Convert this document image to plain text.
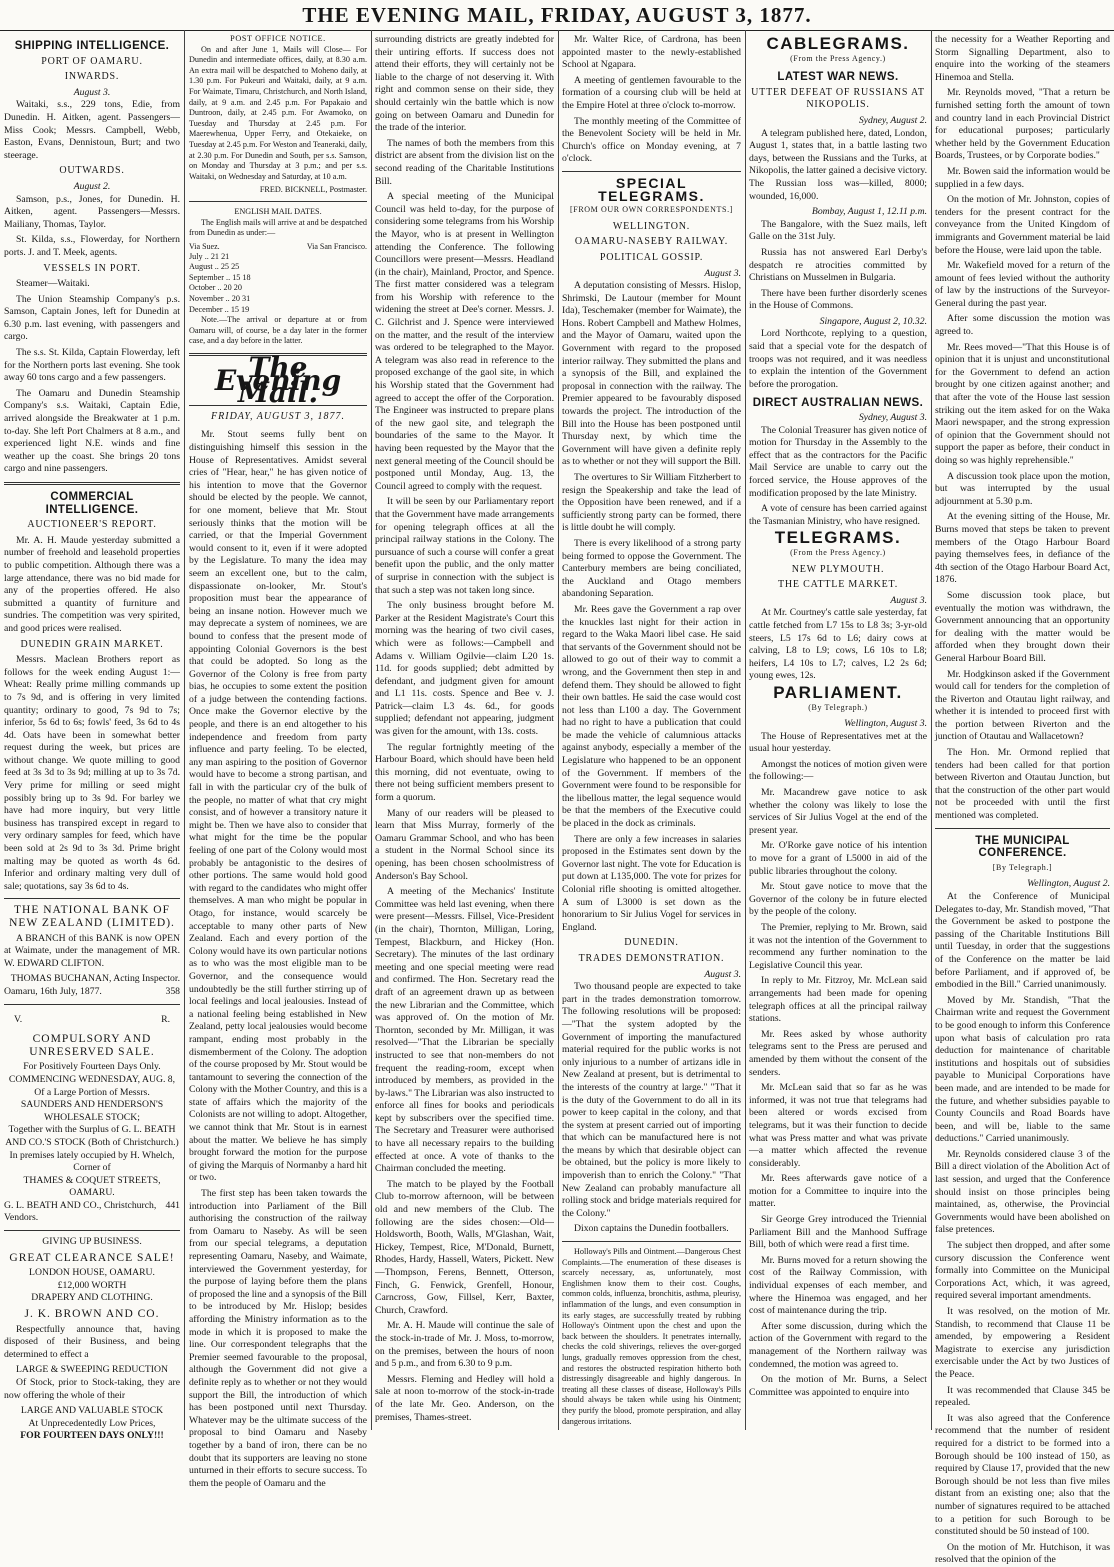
THE EVENING MAIL, FRIDAY, AUGUST 3, 1877.
SHIPPING INTELLIGENCE.
PORT OF OAMARU.
INWARDS.
August 3.

Waitaki, s.s., 229 tons, Edie, from Dunedin. H. Aitken, agent. Passengers—Miss Cook; Messrs. Campbell, Webb, Easton, Evans, Dennistoun, Burt; and two steerage.

OUTWARDS.
August 2.

Samson, p.s., Jones, for Dunedin. H. Aitken, agent. Passengers—Messrs. Mailiany, Thomas, Taylor.

St. Kilda, s.s., Flowerday, for Northern ports. J. and T. Meek, agents.

VESSELS IN PORT.

Steamer—Waitaki.

The Union Steamship Company's p.s. Samson, Captain Jones, left for Dunedin at 6.30 p.m. last evening, with passengers and cargo.

The s.s. St. Kilda, Captain Flowerday, left for the Northern ports last evening. She took away 60 tons cargo and a few passengers.

The Oamaru and Dunedin Steamship Company's s.s. Waitaki, Captain Edie, arrived alongside the Breakwater at 1 p.m. to-day. She left Port Chalmers at 8 a.m., and experienced light N.E. winds and fine weather up the coast. She brings 20 tons cargo and nine passengers.

COMMERCIAL INTELLIGENCE.
AUCTIONEER'S REPORT.

Mr. A. H. Maude yesterday submitted a number of freehold and leasehold properties to public competition. Although there was a large attendance, there was no bid made for any of the properties offered. He also submitted a quantity of furniture and sundries. The competition was very spirited, and good prices were realised.

DUNEDIN GRAIN MARKET.

Messrs. Maclean Brothers report as follows for the week ending August 1:— Wheat: Really prime milling commands up to 7s 9d, and is offering in very limited quantity; ordinary to good, 7s 9d to 7s; inferior, 5s 6d to 6s; fowls' feed, 3s 6d to 4s 4d. Oats have been in somewhat better request during the week, but prices are without change. We quote milling to good feed at 3s 3d to 3s 9d; milling at up to 3s 7d. Very prime for milling or seed might possibly bring up to 3s 9d. For barley we have had more inquiry, but very little business has transpired except in regard to very ordinary samples for feed, which have been sold at 2s 9d to 3s 3d. Prime bright malting may be quoted as worth 4s 6d. Inferior and ordinary malting very dull of sale; quotations, say 3s 6d to 4s.

THE NATIONAL BANK OF NEW ZEALAND (LIMITED).

A BRANCH of this BANK is now OPEN at Waimate, under the management of MR. W. EDWARD CLIFTON.

THOMAS BUCHANAN, Acting Inspector.
Oamaru, 16th July, 1877.	358
V.	R.
COMPULSORY AND UNRESERVED SALE.
For Positively Fourteen Days Only.
COMMENCING WEDNESDAY, AUG. 8,
Of a Large Portion of Messrs.
SAUNDERS AND HENDERSON'S WHOLESALE STOCK;
Together with the Surplus of G. L. BEATH AND CO.'S STOCK (Both of Christchurch.)
In premises lately occupied by H. Whelch, Corner of
THAMES & COQUET STREETS, OAMARU.
G. L. BEATH AND CO., Christchurch, Vendors.
441
GIVING UP BUSINESS.
GREAT CLEARANCE SALE!
LONDON HOUSE, OAMARU.
£12,000 WORTH
DRAPERY AND CLOTHING.
J. K. BROWN AND CO.

Respectfully announce that, having disposed of their Business, and being determined to effect a

LARGE & SWEEPING REDUCTION

Of Stock, prior to Stock-taking, they are now offering the whole of their

LARGE AND VALUABLE STOCK
At Unprecedentedly Low Prices,
FOR FOURTEEN DAYS ONLY!!!
POST OFFICE NOTICE.

On and after June 1, Mails will Close— For Dunedin and intermediate offices, daily, at 8.30 a.m. An extra mail will be despatched to Moheno daily, at 1.30 p.m. For Pukeuri and Waitaki, daily, at 9 a.m. For Waimate, Timaru, Christchurch, and North Island, daily, at 9 a.m. and 2.45 p.m. For Papakaio and Duntroon, daily, at 2.45 p.m. For Awamoko, on Tuesday and Thursday at 2.45 p.m. For Maerewhenua, Upper Ferry, and Otekaieke, on Tuesday at 2.45 p.m. For Weston and Teaneraki, daily, at 2.30 p.m. For Dunedin and South, per s.s. Samson, on Monday and Thursday at 3 p.m.; and per s.s. Waitaki, on Wednesday and Saturday, at 10 a.m.

FRED. BICKNELL, Postmaster.
ENGLISH MAIL DATES.

The English mails will arrive at and be despatched from Dunedin as under:—

Via Suez.	Via San Francisco.
July .. 21 21
August .. 25 25
September .. 15 18
October .. 20 20
November .. 20 31
December .. 15 19

Note.—The arrival or departure at or from Oamaru will, of course, be a day later in the former case, and a day before in the latter.

The Evening Mail.
FRIDAY, AUGUST 3, 1877.

Mr. Stout seems fully bent on distinguishing himself this session in the House of Representatives. Amidst several cries of "Hear, hear," he has given notice of his intention to move that the Governor should be elected by the people. We cannot, for one moment, believe that Mr. Stout seriously thinks that the motion will be carried, or that the Imperial Government would consent to it, even if it were adopted by the Legislature. To many the idea may seem an excellent one, but to the calm, dispassionate on-looker, Mr. Stout's proposition must bear the appearance of being an insane notion. However much we may deprecate a system of nominees, we are bound to confess that the present mode of appointing Colonial Governors is the best that could be adopted. So long as the Governor of the Colony is free from party bias, he occupies to some extent the position of a judge between the contending factions. Once make the Governor elective by the people, and there is an end altogether to his independence and freedom from party influence and party feeling. To be elected, any man aspiring to the position of Governor would have to become a strong partisan, and fall in with the particular cry of the bulk of the people, no matter of what that cry might consist, and of however a transitory nature it might be. Then we have also to consider that what might for the time be the popular feeling of one part of the Colony would most probably be antagonistic to the desires of other portions. The same would hold good with regard to the candidates who might offer themselves. A man who might be popular in Otago, for instance, would scarcely be acceptable to many other parts of New Zealand. Each and every portion of the Colony would have its own particular notions as to who was the most eligible man to be Governor, and the consequence would undoubtedly be the still further stirring up of local feelings and local jealousies. Instead of a national feeling being established in New Zealand, petty local jealousies would become rampant, ending most probably in the dismemberment of the Colony. The adoption of the course proposed by Mr. Stout would be tantamount to severing the connection of the Colony with the Mother Country, and this is a state of affairs which the majority of the Colonists are not willing to adopt. Altogether, we cannot think that Mr. Stout is in earnest about the matter. We believe he has simply brought forward the motion for the purpose of giving the Marquis of Normanby a hard hit or two.

The first step has been taken towards the introduction into Parliament of the Bill authorising the construction of the railway from Oamaru to Naseby. As will be seen from our special telegrams, a deputation representing Oamaru, Naseby, and Waimate, interviewed the Government yesterday, for the purpose of laying before them the plans of proposed the line and a synopsis of the Bill to be introduced by Mr. Hislop; besides affording the Ministry information as to the mode in which it is proposed to make the line. Our correspondent telegraphs that the Premier seemed favourable to the proposal, although the Government did not give a definite reply as to whether or not they would support the Bill, the introduction of which has been postponed until next Thursday. Whatever may be the ultimate success of the proposal to bind Oamaru and Naseby together by a band of iron, there can be no doubt that its supporters are leaving no stone unturned in their efforts to secure success. To them the people of Oamaru and the

surrounding districts are greatly indebted for their untiring efforts. If success does not attend their efforts, they will certainly not be liable to the charge of not deserving it. With right and common sense on their side, they should certainly win the battle which is now going on between Oamaru and Dunedin for the trade of the interior.

The names of both the members from this district are absent from the division list on the second reading of the Charitable Institutions Bill.

A special meeting of the Municipal Council was held to-day, for the purpose of considering some telegrams from his Worship the Mayor, who is at present in Wellington attending the Conference. The following Councillors were present—Messrs. Headland (in the chair), Mainland, Proctor, and Spence. The first matter considered was a telegram from his Worship with reference to the widening the street at Dee's corner. Messrs. J. C. Gilchrist and J. Spence were interviewed on the matter, and the result of the interview was ordered to be telegraphed to the Mayor. A telegram was also read in reference to the proposed exchange of the gaol site, in which his Worship stated that the Government had agreed to accept the offer of the Corporation. The Engineer was instructed to prepare plans of the new gaol site, and telegraph the boundaries of the same to the Mayor. It having been requested by the Mayor that the next general meeting of the Council should be postponed until Monday, Aug. 13, the Council agreed to comply with the request.

It will be seen by our Parliamentary report that the Government have made arrangements for opening telegraph offices at all the principal railway stations in the Colony. The pursuance of such a course will confer a great benefit upon the public, and the only matter of surprise in connection with the subject is that such a step was not taken long since.

The only business brought before M. Parker at the Resident Magistrate's Court this morning was the hearing of two civil cases, which were as follows:—Campbell and Adams v. William Ogilvie—claim L20 1s. 11d. for goods supplied; debt admitted by defendant, and judgment given for amount and L1 11s. costs. Spence and Bee v. J. Patrick—claim L3 4s. 6d., for goods supplied; defendant not appearing, judgment was given for the amount, with 13s. costs.

The regular fortnightly meeting of the Harbour Board, which should have been held this morning, did not eventuate, owing to there not being sufficient members present to form a quorum.

Many of our readers will be pleased to learn that Miss Murray, formerly of the Oamaru Grammar School, and who has been a student in the Normal School since its opening, has been chosen schoolmistress of Anderson's Bay School.

A meeting of the Mechanics' Institute Committee was held last evening, when there were present—Messrs. Fillsel, Vice-President (in the chair), Thornton, Milligan, Loring, Tempest, Blackburn, and Hickey (Hon. Secretary). The minutes of the last ordinary meeting and one special meeting were read and confirmed. The Hon. Secretary read the draft of an agreement drawn up as between the new Librarian and the Committee, which was approved of. On the motion of Mr. Thornton, seconded by Mr. Milligan, it was resolved—"That the Librarian be specially instructed to see that non-members do not frequent the reading-room, except when introduced by members, as provided in the by-laws." The Librarian was also instructed to enforce all fines for books and periodicals kept by subscribers over the specified time. The Secretary and Treasurer were authorised to have all necessary repairs to the building effected at once. A vote of thanks to the Chairman concluded the meeting.

The match to be played by the Football Club to-morrow afternoon, will be between old and new members of the Club. The following are the sides chosen:—Old—Holdsworth, Booth, Walls, M'Glashan, Wait, Hickey, Tempest, Rice, M'Donald, Burnett, Rhodes, Hardy, Hassell, Waters, Pickett. New—Thompson, Ferens, Bennett, Otterson, Finch, G. Fenwick, Grenfell, Honour, Carncross, Gow, Fillsel, Kerr, Baxter, Church, Crawford.

Mr. A. H. Maude will continue the sale of the stock-in-trade of Mr. J. Moss, to-morrow, on the premises, between the hours of noon and 5 p.m., and from 6.30 to 9 p.m.

Messrs. Fleming and Hedley will hold a sale at noon to-morrow of the stock-in-trade of the late Mr. Geo. Anderson, on the premises, Thames-street.

Mr. Walter Rice, of Cardrona, has been appointed master to the newly-established School at Ngapara.

A meeting of gentlemen favourable to the formation of a coursing club will be held at the Empire Hotel at three o'clock to-morrow.

The monthly meeting of the Committee of the Benevolent Society will be held in Mr. Church's office on Monday evening, at 7 o'clock.

SPECIAL TELEGRAMS.
[FROM OUR OWN CORRESPONDENTS.]
WELLINGTON.
OAMARU-NASEBY RAILWAY.
POLITICAL GOSSIP.
August 3.

A deputation consisting of Messrs. Hislop, Shrimski, De Lautour (member for Mount Ida), Teschemaker (member for Waimate), the Hons. Robert Campbell and Mathew Holmes, and the Mayor of Oamaru, waited upon the Government with regard to the proposed interior railway. They submitted the plans and a synopsis of the Bill, and explained the proposal in connection with the railway. The Premier appeared to be favourably disposed towards the project. The introduction of the Bill into the House has been postponed until Thursday next, by which time the Government will have given a definite reply as to whether or not they will support the Bill.

The overtures to Sir William Fitzherbert to resign the Speakership and take the lead of the Opposition have been renewed, and if a sufficiently strong party can be formed, there is little doubt he will comply.

There is every likelihood of a strong party being formed to oppose the Government. The Canterbury members are being conciliated, the Auckland and Otago members abandoning Separation.

Mr. Rees gave the Government a rap over the knuckles last night for their action in regard to the Waka Maori libel case. He said that servants of the Government should not be allowed to go out of their way to commit a wrong, and the Government then step in and defend them. They should be allowed to fight their own battles. He said the case would cost not less than L100 a day. The Government had no right to have a publication that could be made the vehicle of calumnious attacks against anybody, especially a member of the Legislature who happened to be an opponent of the Government. If members of the Government were found to be responsible for the libellous matter, the legal sequence would be that the members of the Executive could be placed in the dock as criminals.

There are only a few increases in salaries proposed in the Estimates sent down by the Governor last night. The vote for Education is put down at L135,000. The vote for prizes for Colonial rifle shooting is omitted altogether. A sum of L3000 is set down as the honorarium to Sir Julius Vogel for services in England.

DUNEDIN.
TRADES DEMONSTRATION.
August 3.

Two thousand people are expected to take part in the trades demonstration tomorrow. The following resolutions will be proposed:—"That the system adopted by the Government of importing the manufactured material required for the public works is not only injurious to a number of artizans idle in New Zealand at present, but is detrimental to the interests of the country at large." "That it is the duty of the Government to do all in its power to keep capital in the colony, and that the system at present carried out of importing that which can be manufactured here is not the means by which that desirable object can be obtained, but the policy is more likely to impoverish than to enrich the Colony." "That New Zealand can probably manufacture all rolling stock and bridge materials required for the Colony."

Dixon captains the Dunedin footballers.

Holloway's Pills and Ointment.—Dangerous Chest Complaints.—The enumeration of these diseases is scarcely necessary, as, unfortunately, most Englishmen know them to their cost. Coughs, common colds, influenza, bronchitis, asthma, pleurisy, inflammation of the lungs, and even consumption in its early stages, are successfully treated by rubbing Holloway's Ointment upon the chest and upon the back between the shoulders. It penetrates internally, checks the cold shiverings, relieves the over-gorged lungs, gradually removes oppression from the chest, and restores the obstructed respiration hitherto both distressingly disagreeable and highly dangerous. In treating all these classes of disease, Holloway's Pills should always be taken while using his Ointment; they purify the blood, promote perspiration, and allay dangerous irritations.

CABLEGRAMS.
(From the Press Agency.)
LATEST WAR NEWS.
UTTER DEFEAT OF RUSSIANS AT NIKOPOLIS.
Sydney, August 2.

A telegram published here, dated, London, August 1, states that, in a battle lasting two days, between the Russians and the Turks, at Nikopolis, the latter gained a decisive victory. The Russian loss was—killed, 8000; wounded, 16,000.

Bombay, August 1, 12.11 p.m.

The Bangalore, with the Suez mails, left Galle on the 31st July.

Russia has not answered Earl Derby's despatch re atrocities committed by Christians on Musselmen in Bulgaria.

There have been further disorderly scenes in the House of Commons.

Singapore, August 2, 10.32.

Lord Northcote, replying to a question, said that a special vote for the despatch of troops was not required, and it was needless to explain the intention of the Government before the prorogation.

DIRECT AUSTRALIAN NEWS.
Sydney, August 3.

The Colonial Treasurer has given notice of motion for Thursday in the Assembly to the effect that as the contractors for the Pacific Mail Service are unable to carry out the forced service, the House approves of the modification proposed by the late Ministry.

A vote of censure has been carried against the Tasmanian Ministry, who have resigned.

TELEGRAMS.
(From the Press Agency.)
NEW PLYMOUTH.
THE CATTLE MARKET.
August 3.

At Mr. Courtney's cattle sale yesterday, fat cattle fetched from L7 15s to L8 3s; 3-yr-old steers, L5 17s 6d to L6; dairy cows at calving, L8 to L9; cows, L6 10s to L8; heifers, L4 10s to L7; calves, L2 2s 6d; young ewes, 12s.

PARLIAMENT.
(By Telegraph.)
Wellington, August 3.

The House of Representatives met at the usual hour yesterday.

Amongst the notices of motion given were the following:—

Mr. Macandrew gave notice to ask whether the colony was likely to lose the services of Sir Julius Vogel at the end of the present year.

Mr. O'Rorke gave notice of his intention to move for a grant of L5000 in aid of the public libraries throughout the colony.

Mr. Stout gave notice to move that the Governor of the colony be in future elected by the people of the colony.

The Premier, replying to Mr. Brown, said it was not the intention of the Government to recommend any further nomination to the Legislative Council this year.

In reply to Mr. Fitzroy, Mr. McLean said arrangements had been made for opening telegraph offices at all the principal railway stations.

Mr. Rees asked by whose authority telegrams sent to the Press are perused and amended by them without the consent of the senders.

Mr. McLean said that so far as he was informed, it was not true that telegrams had been altered or words excised from telegrams, but it was their function to decide what was Press matter and what was private—a matter which affected the revenue considerably.

Mr. Rees afterwards gave notice of a motion for a Committee to inquire into the matter.

Sir George Grey introduced the Triennial Parliament Bill and the Manhood Suffrage Bill, both of which were read a first time.

Mr. Burns moved for a return showing the cost of the Railway Commission, with individual expenses of each member, and where the Hinemoa was engaged, and her cost of maintenance during the trip.

After some discussion, during which the action of the Government with regard to the management of the Northern railway was condemned, the motion was agreed to.

On the motion of Mr. Burns, a Select Committee was appointed to enquire into

the necessity for a Weather Reporting and Storm Signalling Department, also to enquire into the working of the steamers Hinemoa and Stella.

Mr. Reynolds moved, "That a return be furnished setting forth the amount of town and country land in each Provincial District for educational purposes; particularly whether held by the Government Education Boards, Trustees, or by Corporate bodies."

Mr. Bowen said the information would be supplied in a few days.

On the motion of Mr. Johnston, copies of tenders for the present contract for the conveyance from the United Kingdom of immigrants and Government material be laid before the House, were laid upon the table.

Mr. Wakefield moved for a return of the amount of fees levied without the authority of law by the instructions of the Surveyor-General during the past year.

After some discussion the motion was agreed to.

Mr. Rees moved—"That this House is of opinion that it is unjust and unconstitutional for the Government to defend an action brought by one citizen against another; and that after the vote of the House last session striking out the item asked for on the Waka Maori newspaper, and the strong expression of opinion that the Government should not support the paper as before, their conduct in doing so was highly reprehensible."

A discussion took place upon the motion, but was interrupted by the usual adjournment at 5.30 p.m.

At the evening sitting of the House, Mr. Burns moved that steps be taken to prevent members of the Otago Harbour Board paying themselves fees, in defiance of the 4th section of the Otago Harbour Board Act, 1876.

Some discussion took place, but eventually the motion was withdrawn, the Government announcing that an opportunity for dealing with the matter would be afforded when they brought down their General Harbour Board Bill.

Mr. Hodgkinson asked if the Government would call for tenders for the completion of the Riverton and Otautau light railway, and whether it is intended to proceed first with the portion between Riverton and the junction of Otautau and Wallacetown?

The Hon. Mr. Ormond replied that tenders had been called for that portion between Riverton and Otautau Junction, but that the construction of the other part would not be proceeded with until the first mentioned was completed.

THE MUNICIPAL CONFERENCE.
[By Telegraph.]
Wellington, August 2.

At the Conference of Municipal Delegates to-day, Mr. Standish moved, "That the Government be asked to postpone the passing of the Charitable Institutions Bill until Tuesday, in order that the suggestions of the Conference on the matter be laid before Parliament, and if approved of, be embodied in the Bill." Carried unanimously.

Moved by Mr. Standish, "That the Chairman write and request the Government to be good enough to inform this Conference upon what basis of calculation pro rata deduction for maintenance of charitable institutions and hospitals out of subsidies payable to Municipal Corporations have been made, and are intended to be made for the future, and whether subsidies payable to County Councils and Road Boards have been, and will be, liable to the same deductions." Carried unanimously.

Mr. Reynolds considered clause 3 of the Bill a direct violation of the Abolition Act of last session, and urged that the Conference should insist on those principles being maintained, as, otherwise, the Provincial Governments would have been abolished on false pretences.

The subject then dropped, and after some cursory discussion the Conference went formally into Committee on the Municipal Corporations Act, which, it was agreed, required several important amendments.

It was resolved, on the motion of Mr. Standish, to recommend that Clause 11 be amended, by empowering a Resident Magistrate to exercise any jurisdiction exercisable under the Act by two Justices of the Peace.

It was recommended that Clause 345 be repealed.

It was also agreed that the Conference recommend that the number of resident required for a district to be formed into a Borough should be 100 instead of 150, as required by Clause 17, provided that the new Borough should be not less than five miles distant from an existing one; also that the number of signatures required to be attached to a petition for such Borough to be constituted should be 50 instead of 100.

On the motion of Mr. Hutchison, it was resolved that the opinion of the
